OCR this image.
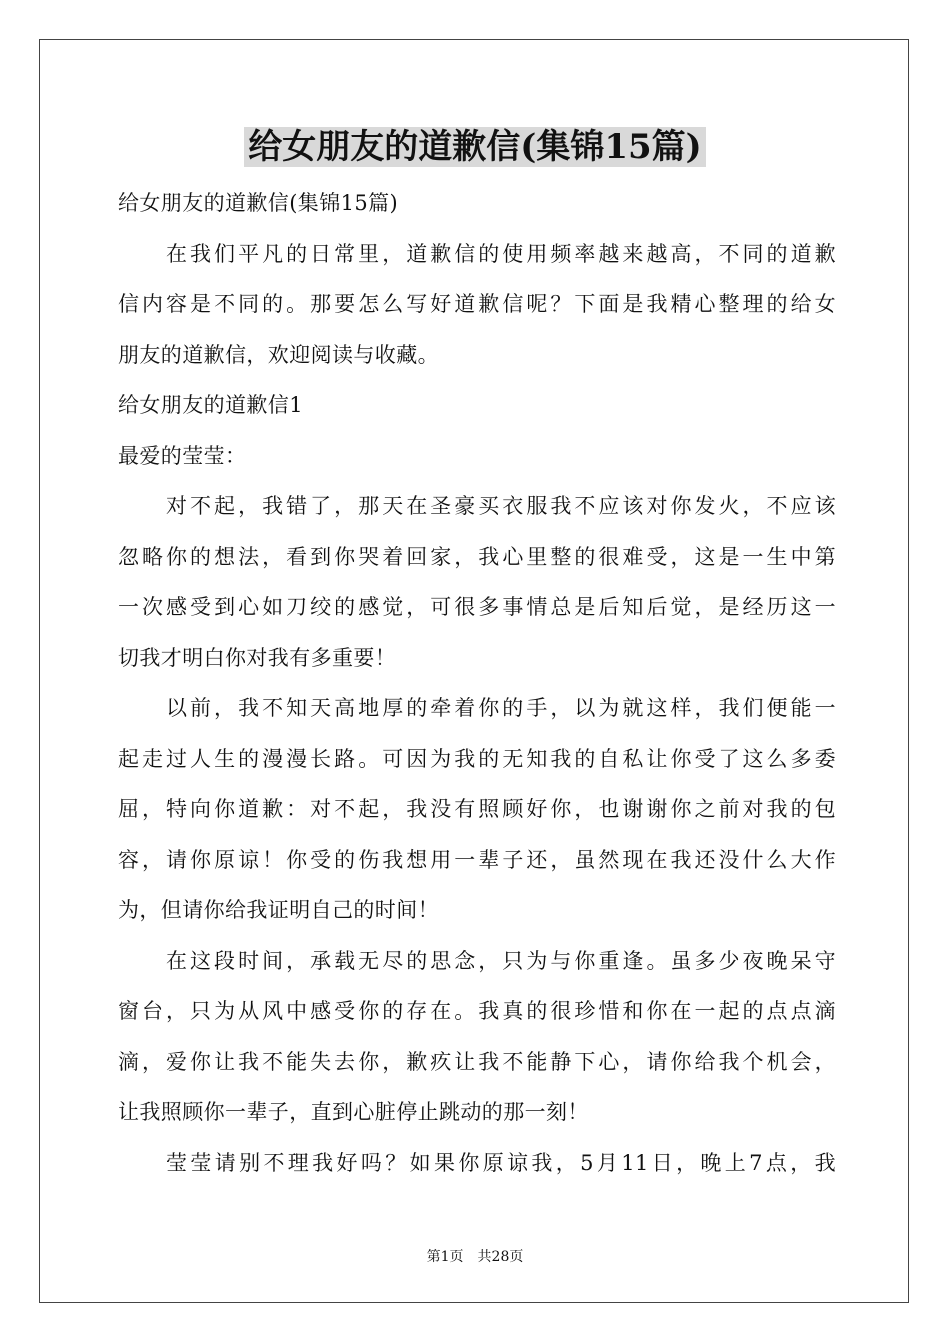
给女朋友的道歉信(集锦15篇)
给女朋友的道歉信(集锦15篇)
在我们平凡的日常里，道歉信的使用频率越来越高，不同的道歉
信内容是不同的。那要怎么写好道歉信呢？下面是我精心整理的给女
朋友的道歉信，欢迎阅读与收藏。
给女朋友的道歉信1
最爱的莹莹：
对不起，我错了，那天在圣豪买衣服我不应该对你发火，不应该
忽略你的想法，看到你哭着回家，我心里整的很难受，这是一生中第
一次感受到心如刀绞的感觉，可很多事情总是后知后觉，是经历这一
切我才明白你对我有多重要！
以前，我不知天高地厚的牵着你的手，以为就这样，我们便能一
起走过人生的漫漫长路。可因为我的无知我的自私让你受了这么多委
屈，特向你道歉：对不起，我没有照顾好你，也谢谢你之前对我的包
容，请你原谅！你受的伤我想用一辈子还，虽然现在我还没什么大作
为，但请你给我证明自己的时间！
在这段时间，承载无尽的思念，只为与你重逢。虽多少夜晚呆守
窗台，只为从风中感受你的存在。我真的很珍惜和你在一起的点点滴
滴，爱你让我不能失去你，歉疚让我不能静下心，请你给我个机会，
让我照顾你一辈子，直到心脏停止跳动的那一刻！
莹莹请别不理我好吗？如果你原谅我，5月11日，晚上7点，我
第1页　共28页
